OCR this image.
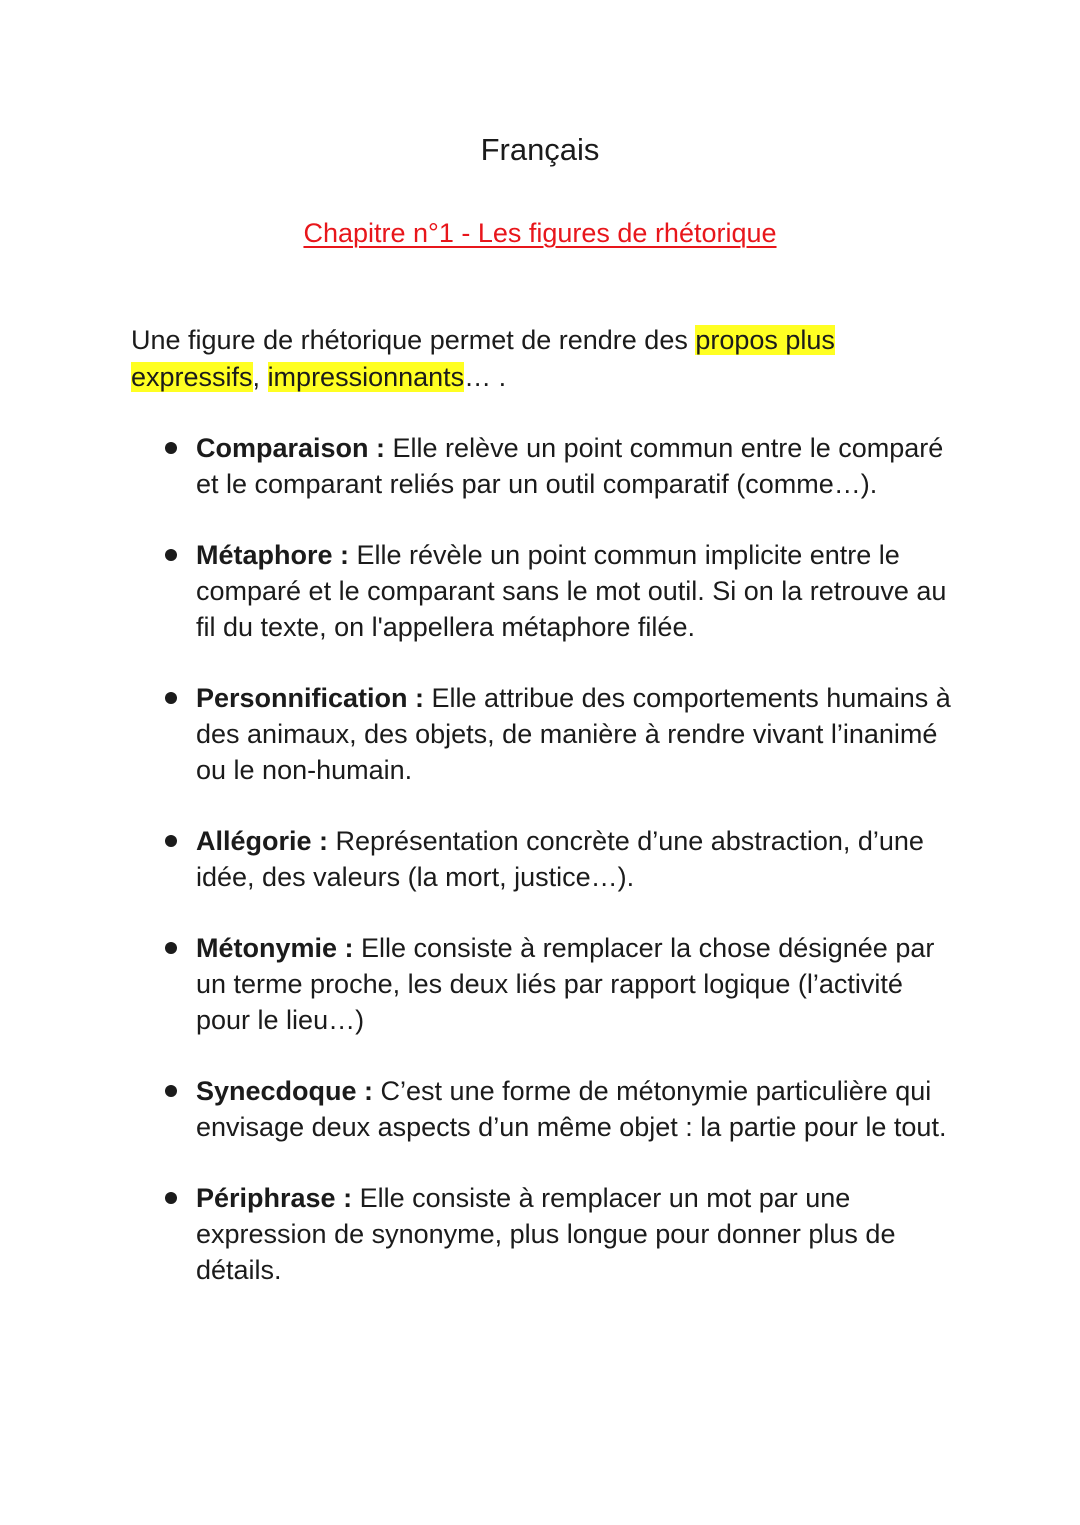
Français
Chapitre n°1 - Les figures de rhétorique
Une figure de rhétorique permet de rendre des propos plus expressifs, impressionnants… .
Comparaison : Elle relève un point commun entre le comparé et le comparant reliés par un outil comparatif (comme…).
Métaphore : Elle révèle un point commun implicite entre le comparé et le comparant sans le mot outil. Si on la retrouve au fil du texte, on l'appellera métaphore filée.
Personnification : Elle attribue des comportements humains à des animaux, des objets, de manière à rendre vivant l’inanimé ou le non-humain.
Allégorie : Représentation concrète d’une abstraction, d’une idée, des valeurs (la mort, justice…).
Métonymie : Elle consiste à remplacer la chose désignée par un terme proche, les deux liés par rapport logique (l’activité pour le lieu…)
Synecdoque : C’est une forme de métonymie particulière qui envisage deux aspects d’un même objet : la partie pour le tout.
Périphrase : Elle consiste à remplacer un mot par une expression de synonyme, plus longue pour donner plus de détails.
